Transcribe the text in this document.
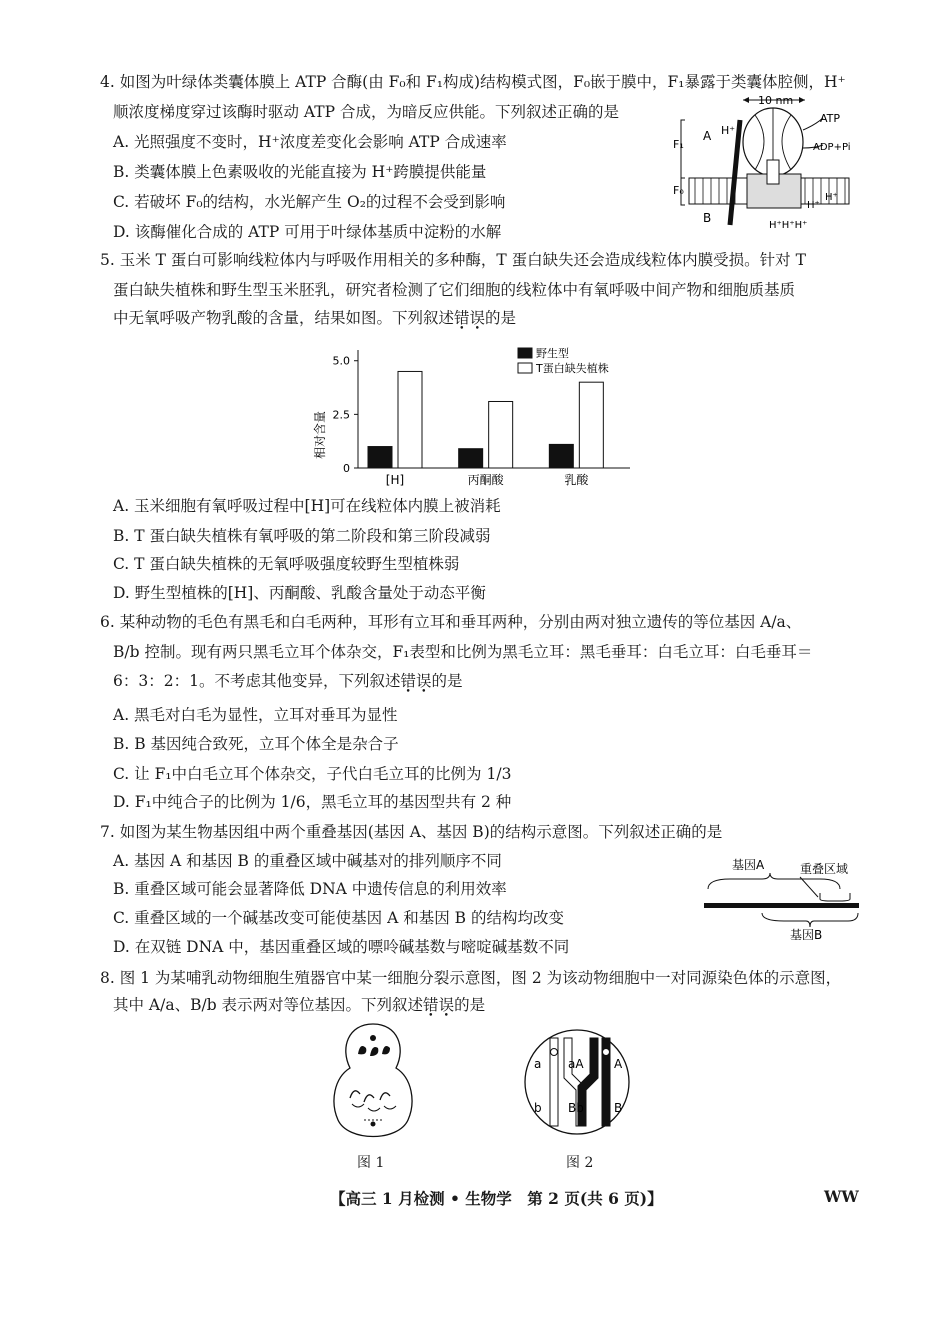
4. 如图为叶绿体类囊体膜上 ATP 合酶(由 F₀和 F₁构成)结构模式图，F₀嵌于膜中，F₁暴露于类囊体腔侧，H⁺
顺浓度梯度穿过该酶时驱动 ATP 合成，为暗反应供能。下列叙述正确的是
A. 光照强度不变时，H⁺浓度差变化会影响 ATP 合成速率
B. 类囊体膜上色素吸收的光能直接为 H⁺跨膜提供能量
C. 若破坏 F₀的结构，水光解产生 O₂的过程不会受到影响
D. 该酶催化合成的 ATP 可用于叶绿体基质中淀粉的水解
10 nm
ATP
ADP+Pi
F₁
F₀
A H⁺
B
H⁺
H⁺
H⁺H⁺H⁺
5. 玉米 T 蛋白可影响线粒体内与呼吸作用相关的多种酶，T 蛋白缺失还会造成线粒体内膜受损。针对 T
蛋白缺失植株和野生型玉米胚乳，研究者检测了它们细胞的线粒体中有氧呼吸中间产物和细胞质基质
中无氧呼吸产物乳酸的含量，结果如图。下列叙述错误的是
相对含量
0
2.5
5.0
[H]	丙酮酸	乳酸
野生型
T蛋白缺失植株
A. 玉米细胞有氧呼吸过程中[H]可在线粒体内膜上被消耗
B. T 蛋白缺失植株有氧呼吸的第二阶段和第三阶段减弱
C. T 蛋白缺失植株的无氧呼吸强度较野生型植株弱
D. 野生型植株的[H]、丙酮酸、乳酸含量处于动态平衡
6. 某种动物的毛色有黑毛和白毛两种，耳形有立耳和垂耳两种，分别由两对独立遗传的等位基因 A/a、
B/b 控制。现有两只黑毛立耳个体杂交，F₁表型和比例为黑毛立耳：黑毛垂耳：白毛立耳：白毛垂耳＝
6：3：2：1。不考虑其他变异，下列叙述错误的是
A. 黑毛对白毛为显性，立耳对垂耳为显性
B. B 基因纯合致死，立耳个体全是杂合子
C. 让 F₁中白毛立耳个体杂交，子代白毛立耳的比例为 1/3
D. F₁中纯合子的比例为 1/6，黑毛立耳的基因型共有 2 种
7. 如图为某生物基因组中两个重叠基因(基因 A、基因 B)的结构示意图。下列叙述正确的是
A. 基因 A 和基因 B 的重叠区域中碱基对的排列顺序不同
B. 重叠区域可能会显著降低 DNA 中遗传信息的利用效率
C. 重叠区域的一个碱基改变可能使基因 A 和基因 B 的结构均改变
D. 在双链 DNA 中，基因重叠区域的嘌呤碱基数与嘧啶碱基数不同
基因A	重叠区域
基因B
8. 图 1 为某哺乳动物细胞生殖器官中某一细胞分裂示意图，图 2 为该动物细胞中一对同源染色体的示意图，
其中 A/a、B/b 表示两对等位基因。下列叙述错误的是
a aA	A
b Bb	B
图 1	图 2
【高三 1 月检测 • 生物学　第 2 页(共 6 页)】	WW
